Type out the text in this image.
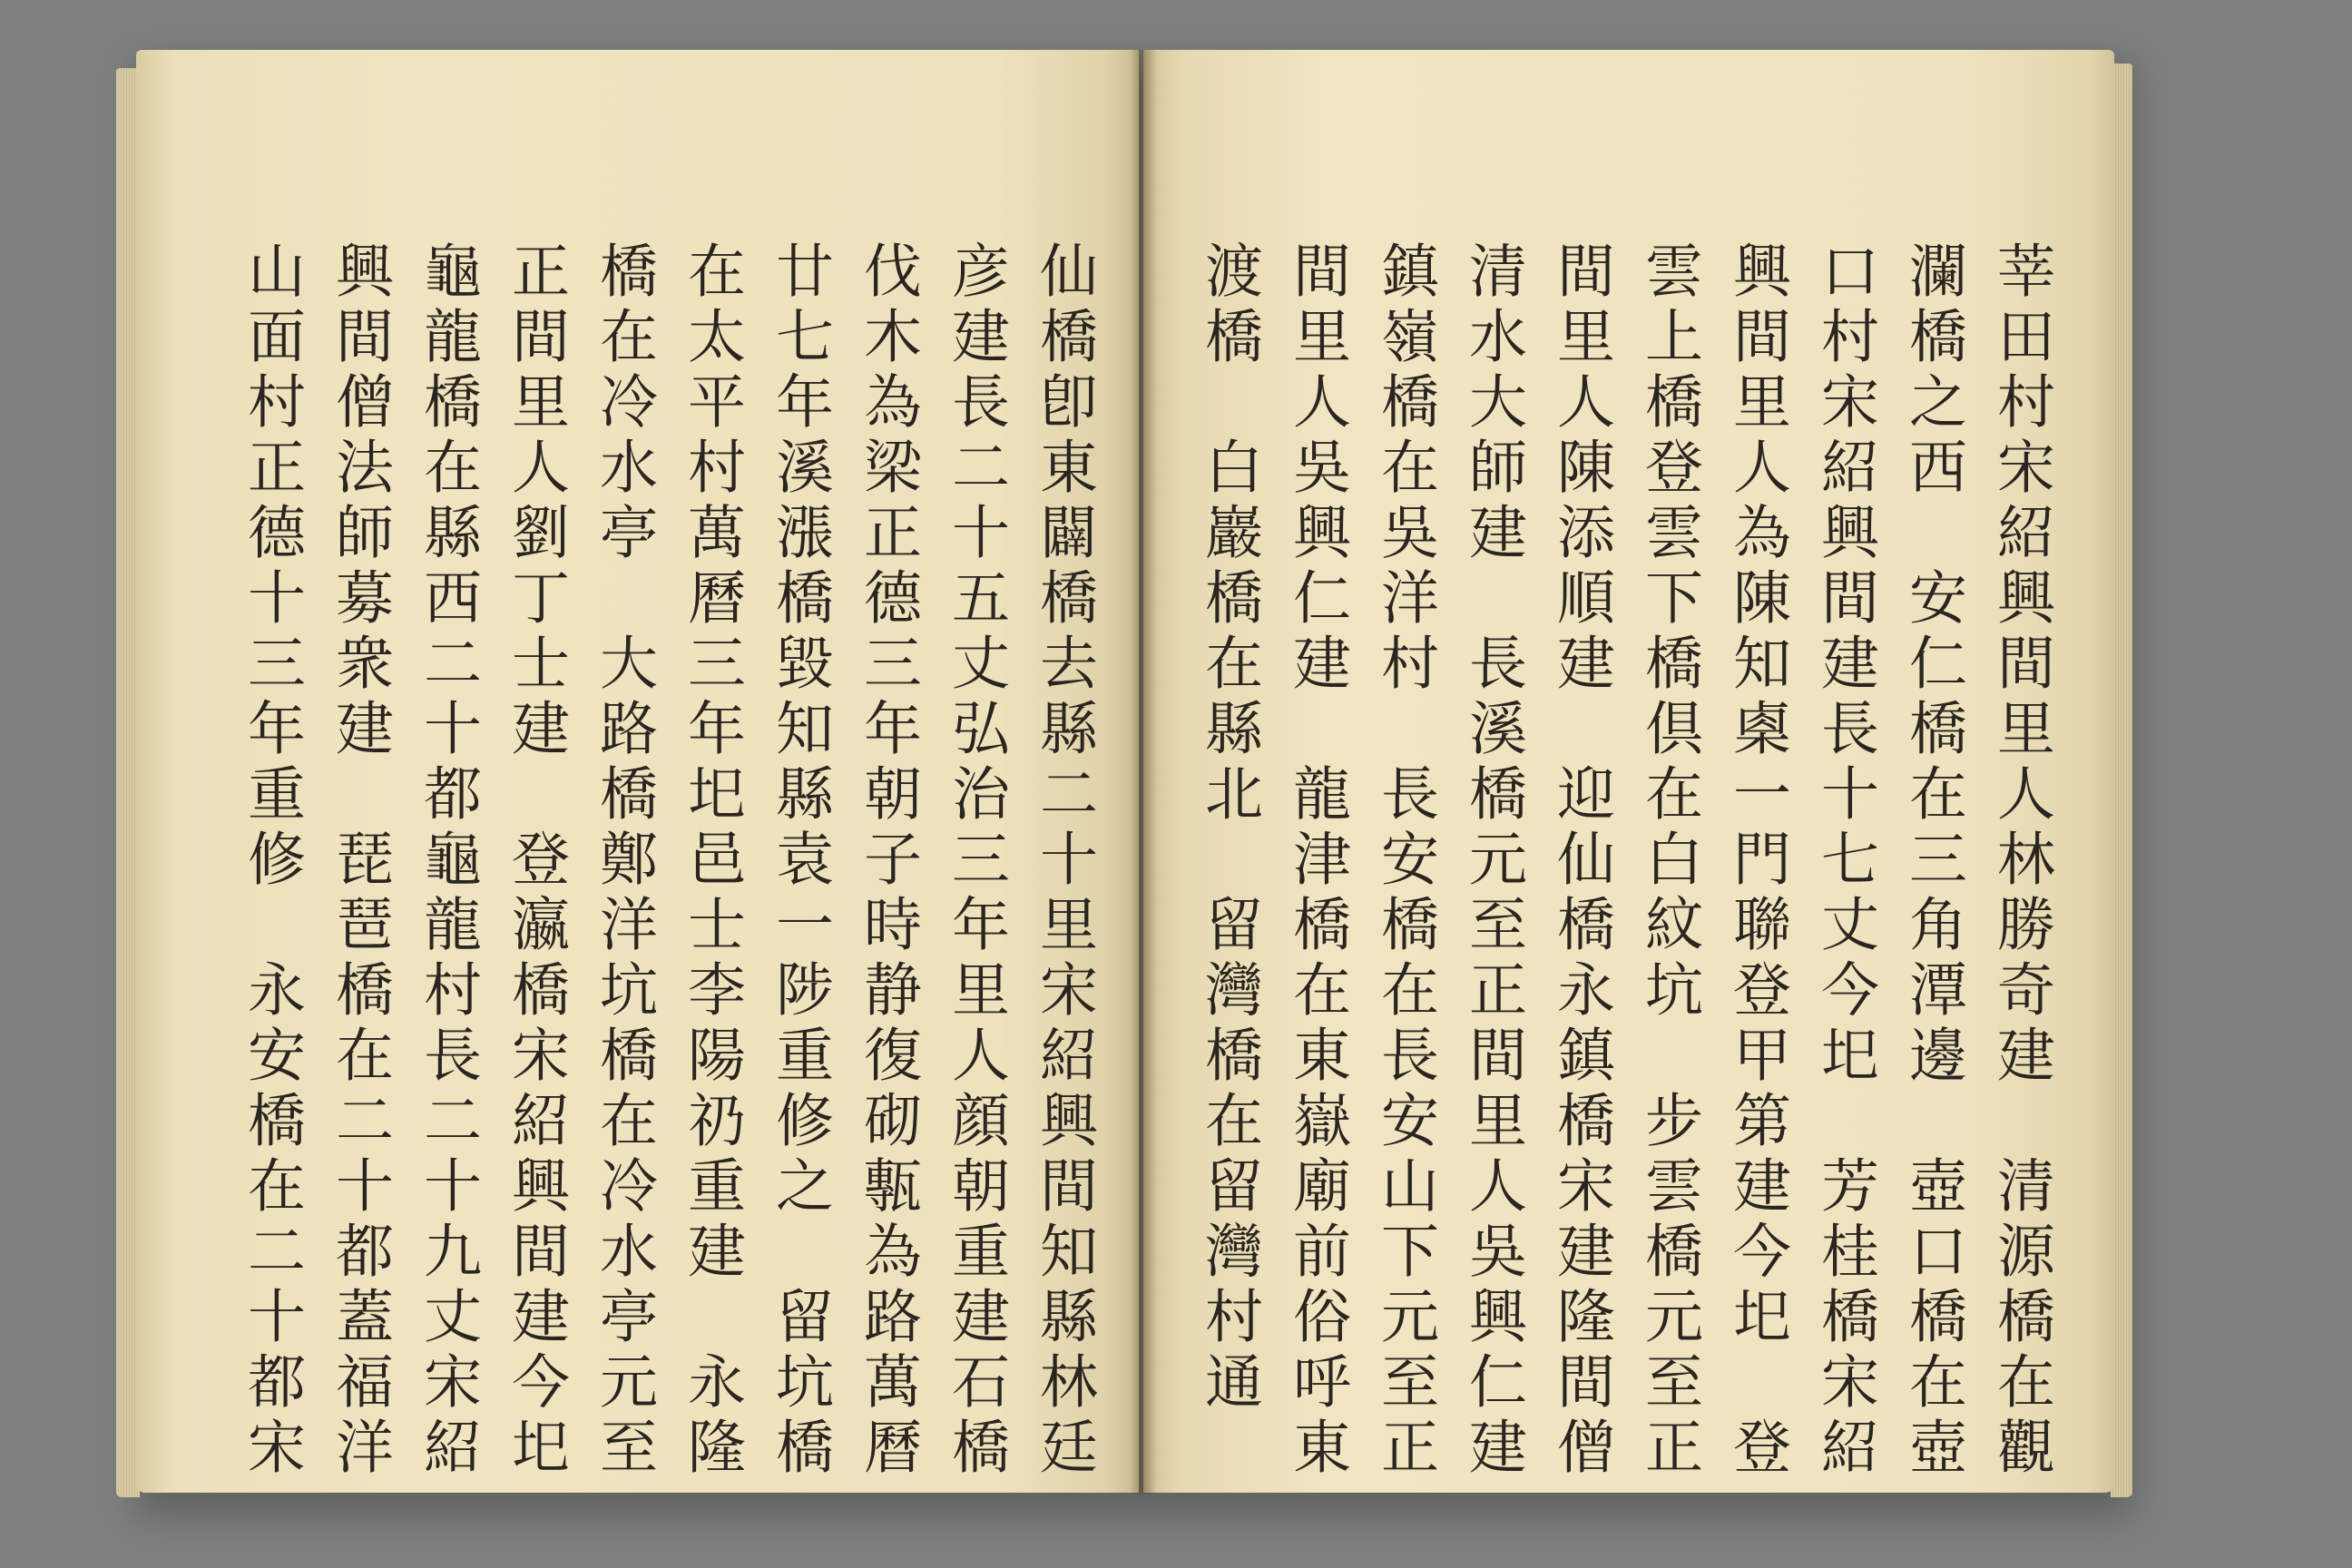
仙橋卽東闢橋去縣二十里宋紹興間知縣林廷
彦建長二十五丈弘治三年里人顔朝重建石橋
伐木為梁正德三年朝子時静復砌甎為路萬曆
廿七年溪漲橋毀知縣袁一陟重修之　留坑橋
在太平村萬曆三年圯邑士李陽礽重建　永隆
橋在冷水亭　大路橋鄭洋坑橋在冷水亭元至
正間里人劉丁士建　登瀛橋宋紹興間建今圯
龜龍橋在縣西二十都龜龍村長二十九丈宋紹
興間僧法師募衆建　琵琶橋在二十都蓋福洋
山面村正德十三年重修　永安橋在二十都宋	莘田村宋紹興間里人林勝奇建　清源橋在觀
瀾橋之西　安仁橋在三角潭邊　壺口橋在壺
口村宋紹興間建長十七丈今圯　芳桂橋宋紹
興間里人為陳知㮚一門聯登甲第建今圯　登
雲上橋登雲下橋倶在白紋坑　步雲橋元至正
間里人陳添順建　迎仙橋永鎮橋宋建隆間僧
清水大師建　長溪橋元至正間里人吳興仁建
鎮嶺橋在吳洋村　長安橋在長安山下元至正
間里人吳興仁建　龍津橋在東嶽廟前俗呼東
渡橋　白巖橋在縣北　留灣橋在留灣村通
